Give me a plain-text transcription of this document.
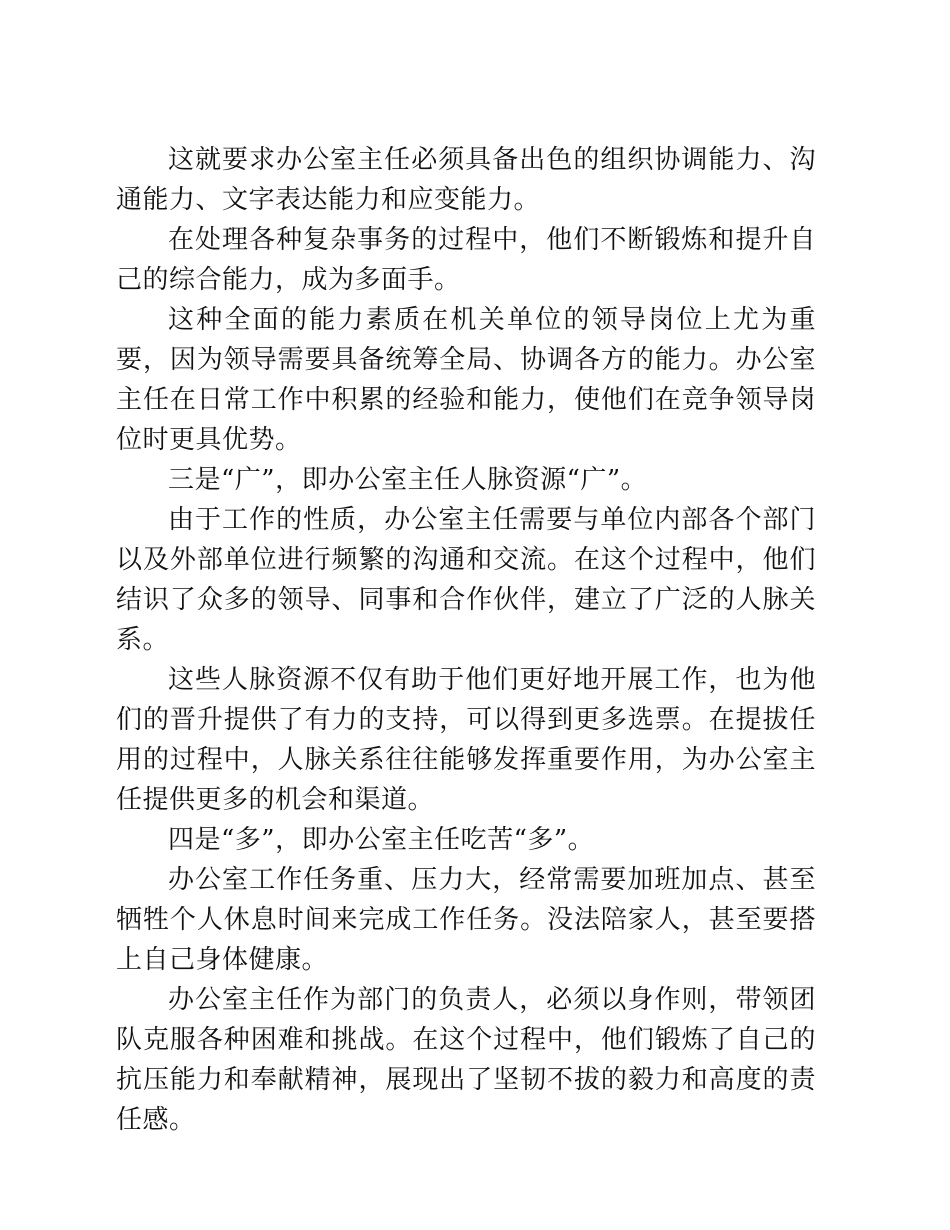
这就要求办公室主任必须具备出色的组织协调能力、沟通能力、文字表达能力和应变能力。

在处理各种复杂事务的过程中，他们不断锻炼和提升自己的综合能力，成为多面手。

这种全面的能力素质在机关单位的领导岗位上尤为重要，因为领导需要具备统筹全局、协调各方的能力。办公室主任在日常工作中积累的经验和能力，使他们在竞争领导岗位时更具优势。

三是“广”，即办公室主任人脉资源“广”。

由于工作的性质，办公室主任需要与单位内部各个部门以及外部单位进行频繁的沟通和交流。在这个过程中，他们结识了众多的领导、同事和合作伙伴，建立了广泛的人脉关系。

这些人脉资源不仅有助于他们更好地开展工作，也为他们的晋升提供了有力的支持，可以得到更多选票。在提拔任用的过程中，人脉关系往往能够发挥重要作用，为办公室主任提供更多的机会和渠道。

四是“多”，即办公室主任吃苦“多”。

办公室工作任务重、压力大，经常需要加班加点、甚至牺牲个人休息时间来完成工作任务。没法陪家人，甚至要搭上自己身体健康。

办公室主任作为部门的负责人，必须以身作则，带领团队克服各种困难和挑战。在这个过程中，他们锻炼了自己的抗压能力和奉献精神，展现出了坚韧不拔的毅力和高度的责任感。
